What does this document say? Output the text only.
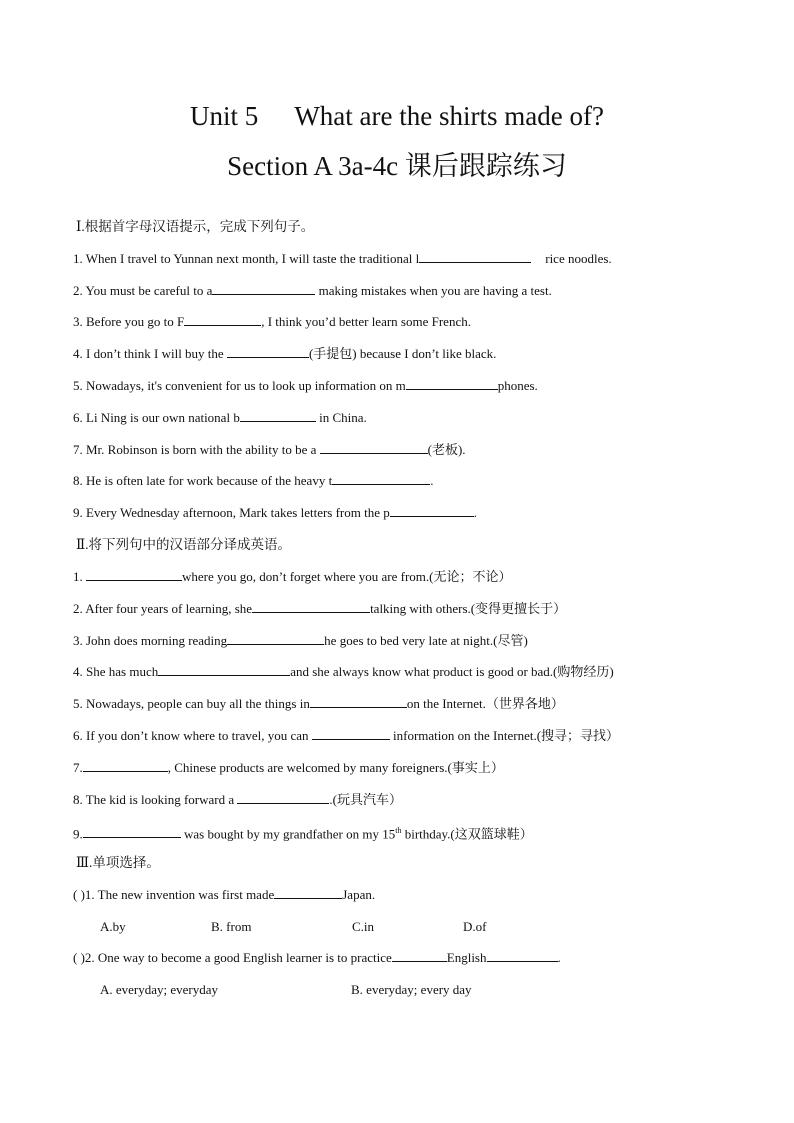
Unit 5 What are the shirts made of?
Section A 3a-4c 课后跟踪练习
Ⅰ.根据首字母汉语提示，完成下列句子。
1. When I travel to Yunnan next month, I will taste the traditional l	rice noodles.
2. You must be careful to a	making mistakes when you are having a test.
3. Before you go to F	, I think you’d better learn some French.
4. I don’t think I will buy the	(手提包) because I don’t like black.
5. Nowadays, it's convenient for us to look up information on m	phones.
6. Li Ning is our own national b	in China.
7. Mr. Robinson is born with the ability to be a	(老板).
8. He is often late for work because of the heavy t	.
9. Every Wednesday afternoon, Mark takes letters from the p	.
Ⅱ.将下列句中的汉语部分译成英语。
1.	where you go, don’t forget where you are from.(无论；不论）
2. After four years of learning, she	talking with others.(变得更擅长于）
3. John does morning reading	he goes to bed very late at night.(尽管)
4. She has much	and she always know what product is good or bad.(购物经历)
5. Nowadays, people can buy all the things in	on the Internet.（世界各地）
6. If you don’t know where to travel, you can	information on the Internet.(搜寻；寻找）
7.	, Chinese products are welcomed by many foreigners.(事实上）
8. The kid is looking forward a	.(玩具汽车）
9.	was bought by my grandfather on my 15th birthday.(这双篮球鞋）
Ⅲ.单项选择。
( )1. The new invention was first made	Japan.
A.by	B. from	C.in	D.of
( )2. One way to become a good English learner is to practice	English	.
A. everyday; everyday	B. everyday; every day
